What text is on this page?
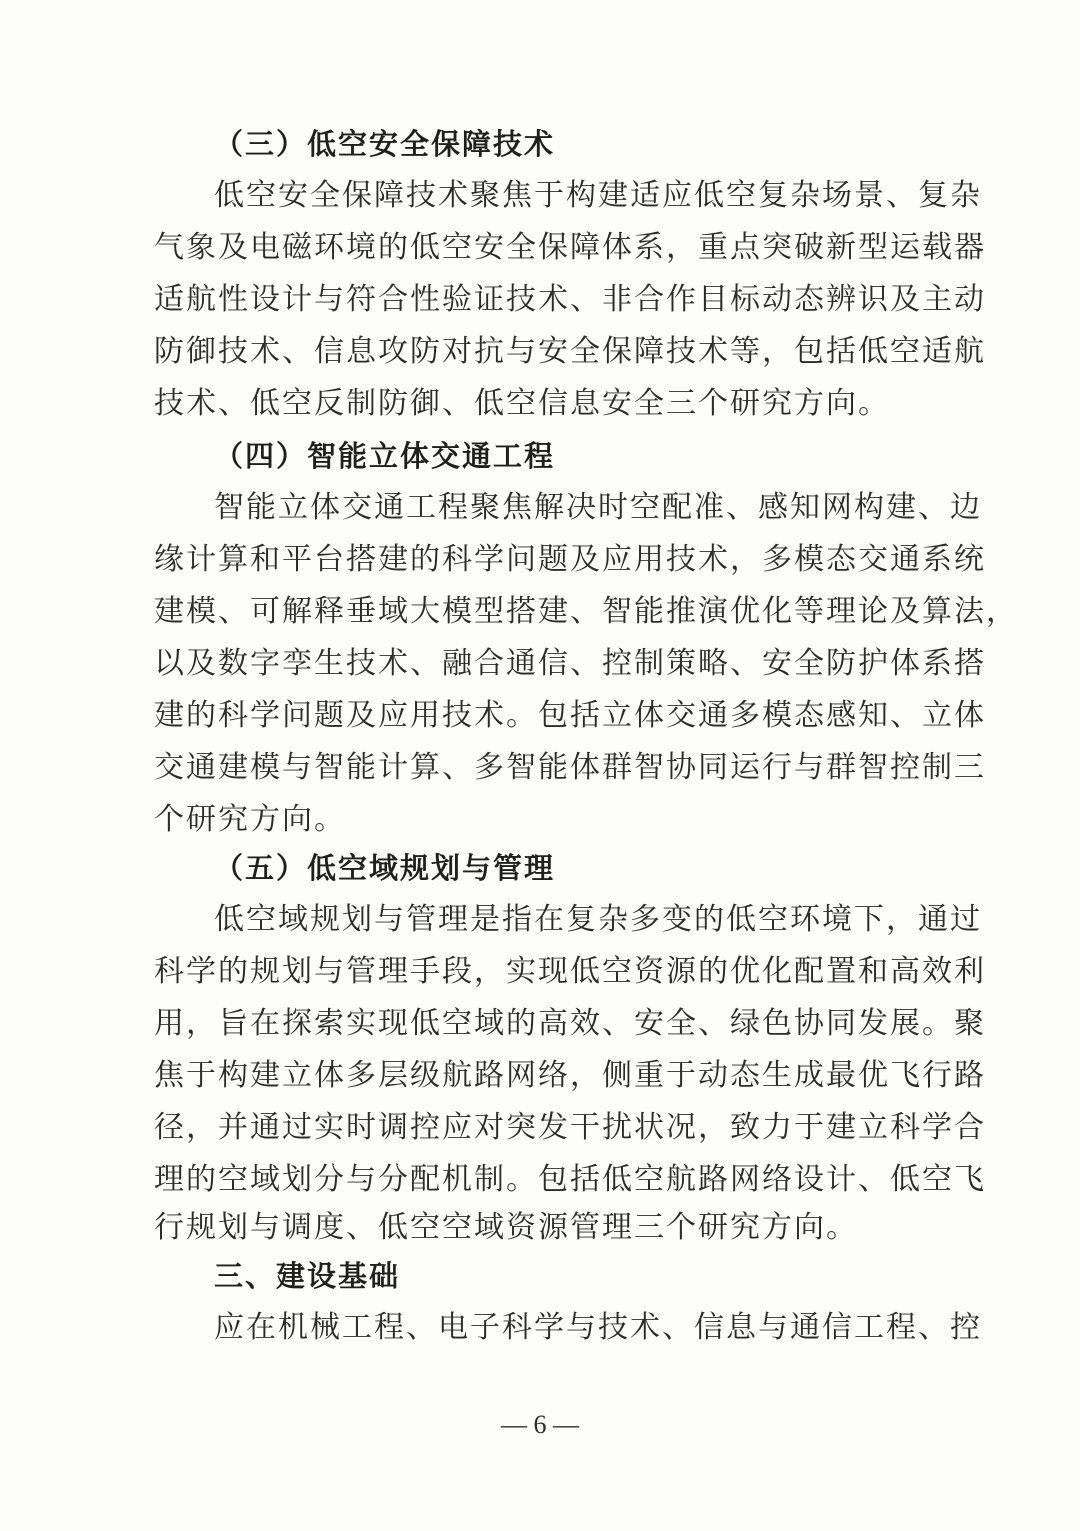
（三）低空安全保障技术

低空安全保障技术聚焦于构建适应低空复杂场景、复杂

气象及电磁环境的低空安全保障体系，重点突破新型运载器

适航性设计与符合性验证技术、非合作目标动态辨识及主动

防御技术、信息攻防对抗与安全保障技术等，包括低空适航

技术、低空反制防御、低空信息安全三个研究方向。

（四）智能立体交通工程

智能立体交通工程聚焦解决时空配准、感知网构建、边

缘计算和平台搭建的科学问题及应用技术，多模态交通系统

建模、可解释垂域大模型搭建、智能推演优化等理论及算法，

以及数字孪生技术、融合通信、控制策略、安全防护体系搭

建的科学问题及应用技术。包括立体交通多模态感知、立体

交通建模与智能计算、多智能体群智协同运行与群智控制三

个研究方向。

（五）低空域规划与管理

低空域规划与管理是指在复杂多变的低空环境下，通过

科学的规划与管理手段，实现低空资源的优化配置和高效利

用，旨在探索实现低空域的高效、安全、绿色协同发展。聚

焦于构建立体多层级航路网络，侧重于动态生成最优飞行路

径，并通过实时调控应对突发干扰状况，致力于建立科学合

理的空域划分与分配机制。包括低空航路网络设计、低空飞

行规划与调度、低空空域资源管理三个研究方向。

三、建设基础

应在机械工程、电子科学与技术、信息与通信工程、控

— 6 —
